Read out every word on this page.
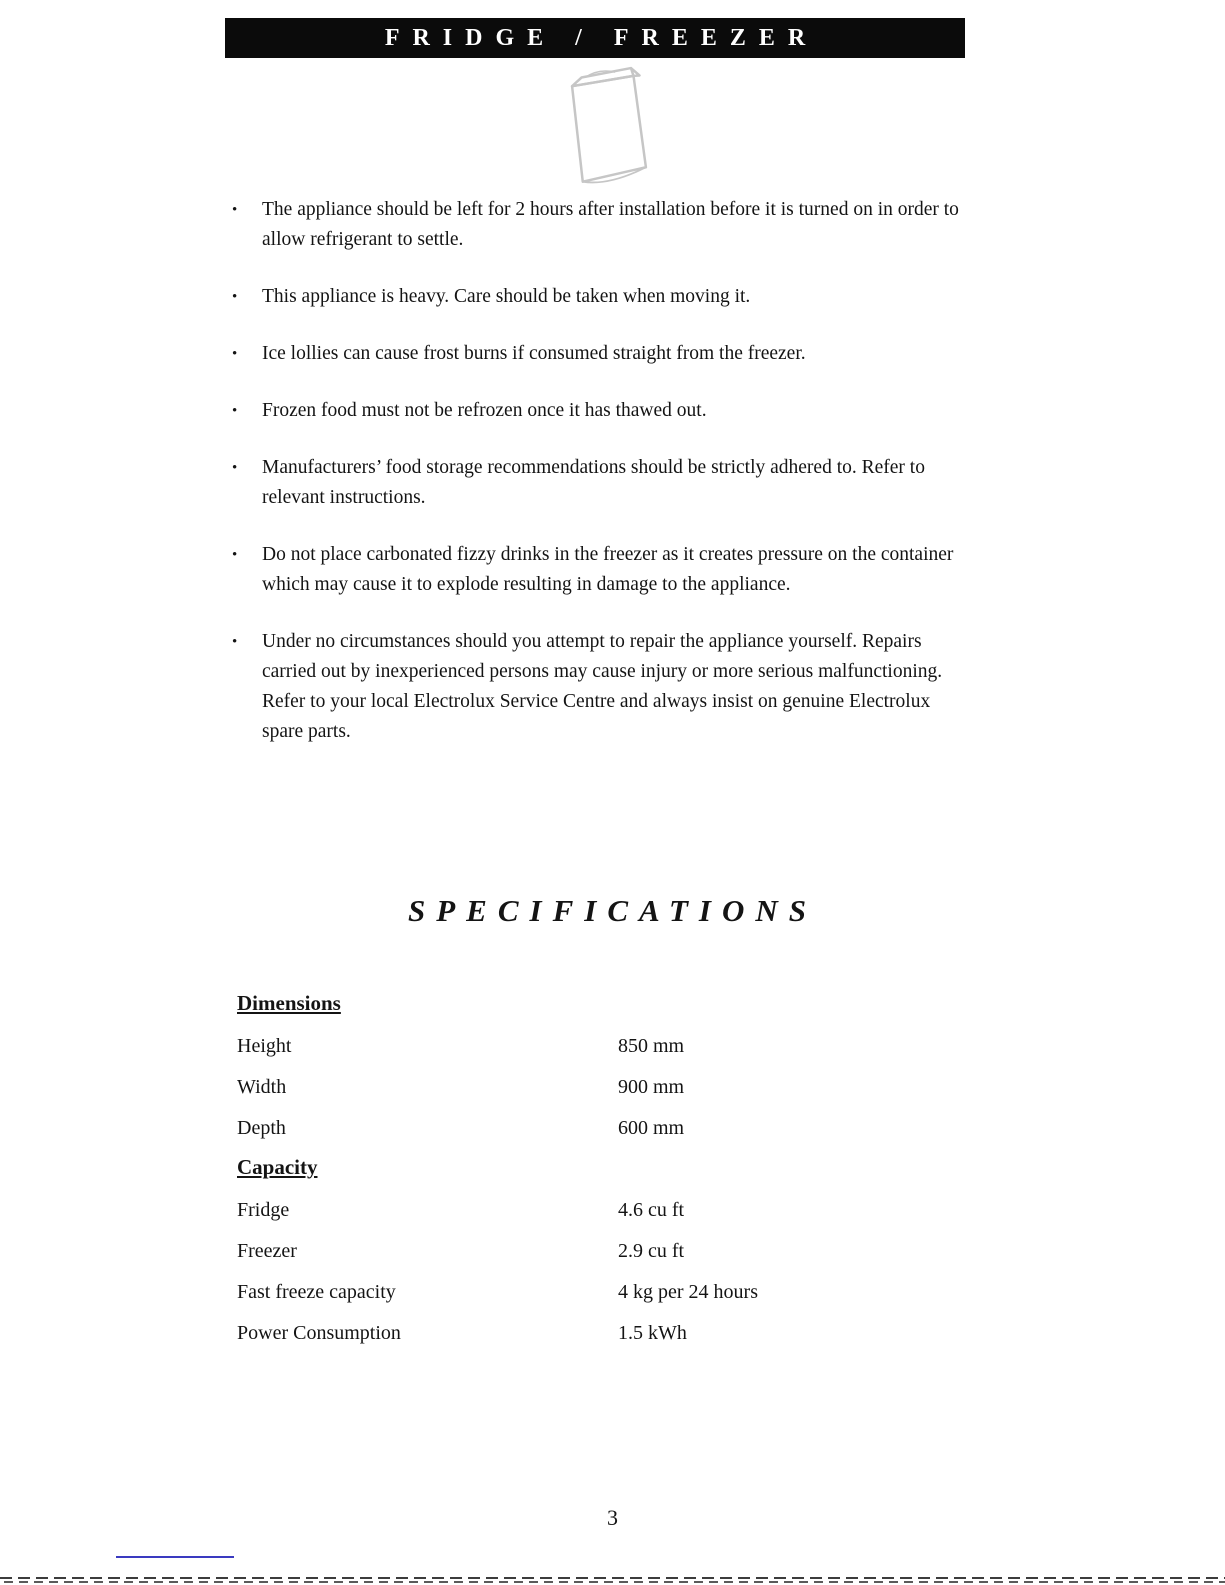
FRIDGE / FREEZER
• The appliance should be left for 2 hours after installation before it is turned on in order to allow refrigerant to settle.
• This appliance is heavy. Care should be taken when moving it.
• Ice lollies can cause frost burns if consumed straight from the freezer.
• Frozen food must not be refrozen once it has thawed out.
• Manufacturers’ food storage recommendations should be strictly adhered to. Refer to relevant instructions.
• Do not place carbonated fizzy drinks in the freezer as it creates pressure on the container which may cause it to explode resulting in damage to the appliance.
• Under no circumstances should you attempt to repair the appliance yourself. Repairs carried out by inexperienced persons may cause injury or more serious malfunctioning. Refer to your local Electrolux Service Centre and always insist on genuine Electrolux spare parts.
SPECIFICATIONS
Dimensions
Height	850 mm
Width	900 mm
Depth	600 mm
Capacity
Fridge	4.6 cu ft
Freezer	2.9 cu ft
Fast freeze capacity	4 kg per 24 hours
Power Consumption	1.5 kWh
3
